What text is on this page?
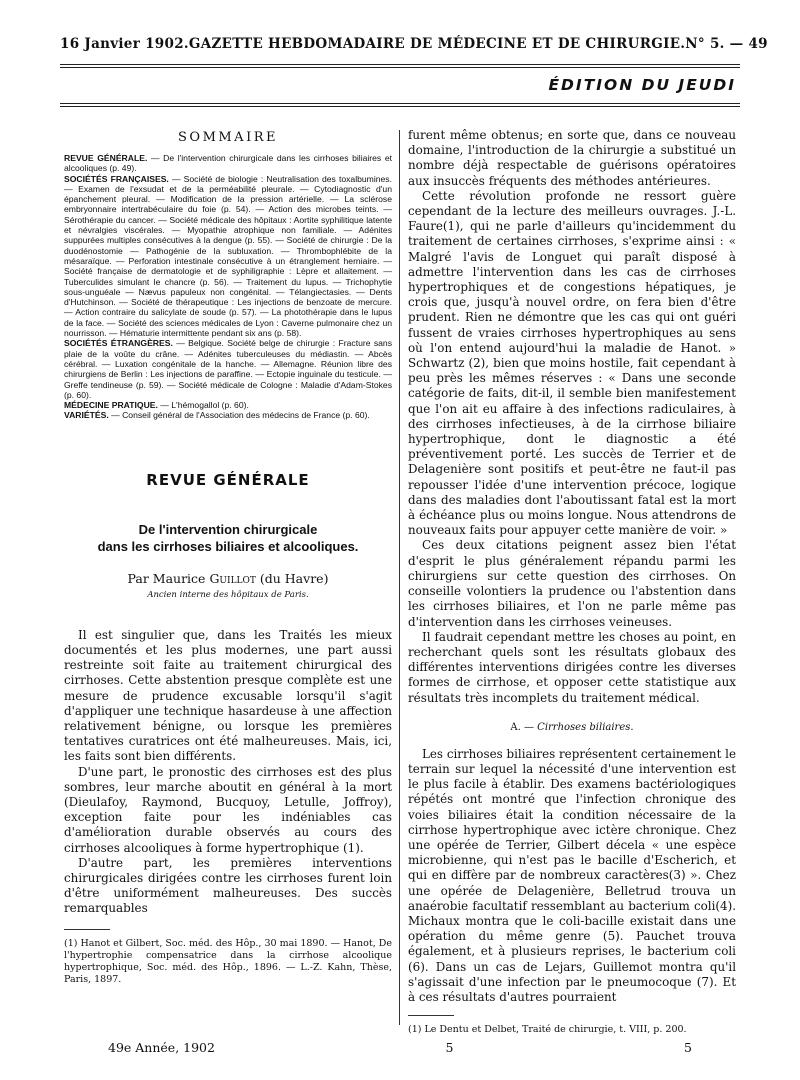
16 Janvier 1902. GAZETTE HEBDOMADAIRE DE MÉDECINE ET DE CHIRURGIE. N° 5. — 49
ÉDITION DU JEUDI
SOMMAIRE

REVUE GÉNÉRALE. — De l'intervention chirurgicale dans les cirrhoses biliaires et alcooliques (p. 49).

SOCIÉTÉS FRANÇAISES. — Société de biologie : Neutralisation des toxalbumines. — Examen de l'exsudat et de la perméabilité pleurale. — Cytodiagnostic d'un épanchement pleural. — Modification de la pression artérielle. — La sclérose embryonnaire intertrabéculaire du foie (p. 54). — Action des microbes teints. — Sérothérapie du cancer. — Société médicale des hôpitaux : Aortite syphilitique latente et névralgies viscérales. — Myopathie atrophique non familiale. — Adénites suppurées multiples consécutives à la dengue (p. 55). — Société de chirurgie : De la duodénostomie — Pathogénie de la subluxation. — Thrombophlébite de la mésaraïque. — Perforation intestinale consécutive à un étranglement herniaire. — Société française de dermatologie et de syphiligraphie : Lèpre et allaitement. — Tuberculides simulant le chancre (p. 56). — Traitement du lupus. — Trichophytie sous-unguéale — Nævus papuleux non congénital. — Télangiectasies. — Dents d'Hutchinson. — Société de thérapeutique : Les injections de benzoate de mercure. — Action contraire du salicylate de soude (p. 57). — La photothérapie dans le lupus de la face. — Société des sciences médicales de Lyon : Caverne pulmonaire chez un nourrisson. — Hématurie intermittente pendant six ans (p. 58).

SOCIÉTÉS ÉTRANGÈRES. — Belgique. Société belge de chirurgie : Fracture sans plaie de la voûte du crâne. — Adénites tuberculeuses du médiastin. — Abcès cérébral. — Luxation congénitale de la hanche. — Allemagne. Réunion libre des chirurgiens de Berlin : Les injections de paraffine. — Ectopie inguinale du testicule. — Greffe tendineuse (p. 59). — Société médicale de Cologne : Maladie d'Adam-Stokes (p. 60).

MÉDECINE PRATIQUE. — L'hémogallol (p. 60).

VARIÉTÉS. — Conseil général de l'Association des médecins de France (p. 60).

REVUE GÉNÉRALE
De l'intervention chirurgicale
dans les cirrhoses biliaires et alcooliques.
Par Maurice Guillot (du Havre)
Ancien interne des hôpitaux de Paris.

Il est singulier que, dans les Traités les mieux documentés et les plus modernes, une part aussi restreinte soit faite au traitement chirurgical des cirrhoses. Cette abstention presque complète est une mesure de prudence excusable lorsqu'il s'agit d'appliquer une technique hasardeuse à une affection relativement bénigne, ou lorsque les premières tentatives curatrices ont été malheureuses. Mais, ici, les faits sont bien différents.

D'une part, le pronostic des cirrhoses est des plus sombres, leur marche aboutit en général à la mort (Dieulafoy, Raymond, Bucquoy, Letulle, Joffroy), exception faite pour les indéniables cas d'amélioration durable observés au cours des cirrhoses alcooliques à forme hypertrophique (1).

D'autre part, les premières interventions chirurgicales dirigées contre les cirrhoses furent loin d'être uniformément malheureuses. Des succès remarquables

(1) Hanot et Gilbert, Soc. méd. des Hôp., 30 mai 1890. — Hanot, De l'hypertrophie compensatrice dans la cirrhose alcoolique hypertrophique, Soc. méd. des Hôp., 1896. — L.-Z. Kahn, Thèse, Paris, 1897.

furent même obtenus; en sorte que, dans ce nouveau domaine, l'introduction de la chirurgie a substitué un nombre déjà respectable de guérisons opératoires aux insuccès fréquents des méthodes antérieures.

Cette révolution profonde ne ressort guère cependant de la lecture des meilleurs ouvrages. J.-L. Faure(1), qui ne parle d'ailleurs qu'incidemment du traitement de certaines cirrhoses, s'exprime ainsi : « Malgré l'avis de Longuet qui paraît disposé à admettre l'intervention dans les cas de cirrhoses hypertrophiques et de congestions hépatiques, je crois que, jusqu'à nouvel ordre, on fera bien d'être prudent. Rien ne démontre que les cas qui ont guéri fussent de vraies cirrhoses hypertrophiques au sens où l'on entend aujourd'hui la maladie de Hanot. » Schwartz (2), bien que moins hostile, fait cependant à peu près les mêmes réserves : « Dans une seconde catégorie de faits, dit-il, il semble bien manifestement que l'on ait eu affaire à des infections radiculaires, à des cirrhoses infectieuses, à de la cirrhose biliaire hypertrophique, dont le diagnostic a été préventivement porté. Les succès de Terrier et de Delagenière sont positifs et peut-être ne faut-il pas repousser l'idée d'une intervention précoce, logique dans des maladies dont l'aboutissant fatal est la mort à échéance plus ou moins longue. Nous attendrons de nouveaux faits pour appuyer cette manière de voir. »

Ces deux citations peignent assez bien l'état d'esprit le plus généralement répandu parmi les chirurgiens sur cette question des cirrhoses. On conseille volontiers la prudence ou l'abstention dans les cirrhoses biliaires, et l'on ne parle même pas d'intervention dans les cirrhoses veineuses.

Il faudrait cependant mettre les choses au point, en recherchant quels sont les résultats globaux des différentes interventions dirigées contre les diverses formes de cirrhose, et opposer cette statistique aux résultats très incomplets du traitement médical.

A. — Cirrhoses biliaires.

Les cirrhoses biliaires représentent certainement le terrain sur lequel la nécessité d'une intervention est le plus facile à établir. Des examens bactériologiques répétés ont montré que l'infection chronique des voies biliaires était la condition nécessaire de la cirrhose hypertrophique avec ictère chronique. Chez une opérée de Terrier, Gilbert décela « une espèce microbienne, qui n'est pas le bacille d'Escherich, et qui en diffère par de nombreux caractères(3) ». Chez une opérée de Delagenière, Belletrud trouva un anaérobie facultatif ressemblant au bacterium coli(4). Michaux montra que le coli-bacille existait dans une opération du même genre (5). Pauchet trouva également, et à plusieurs reprises, le bacterium coli (6). Dans un cas de Lejars, Guillemot montra qu'il s'agissait d'une infection par le pneumocoque (7). Et à ces résultats d'autres pourraient

(1) Le Dentu et Delbet, Traité de chirurgie, t. VIII, p. 200.

49e Année, 1902	5	5
